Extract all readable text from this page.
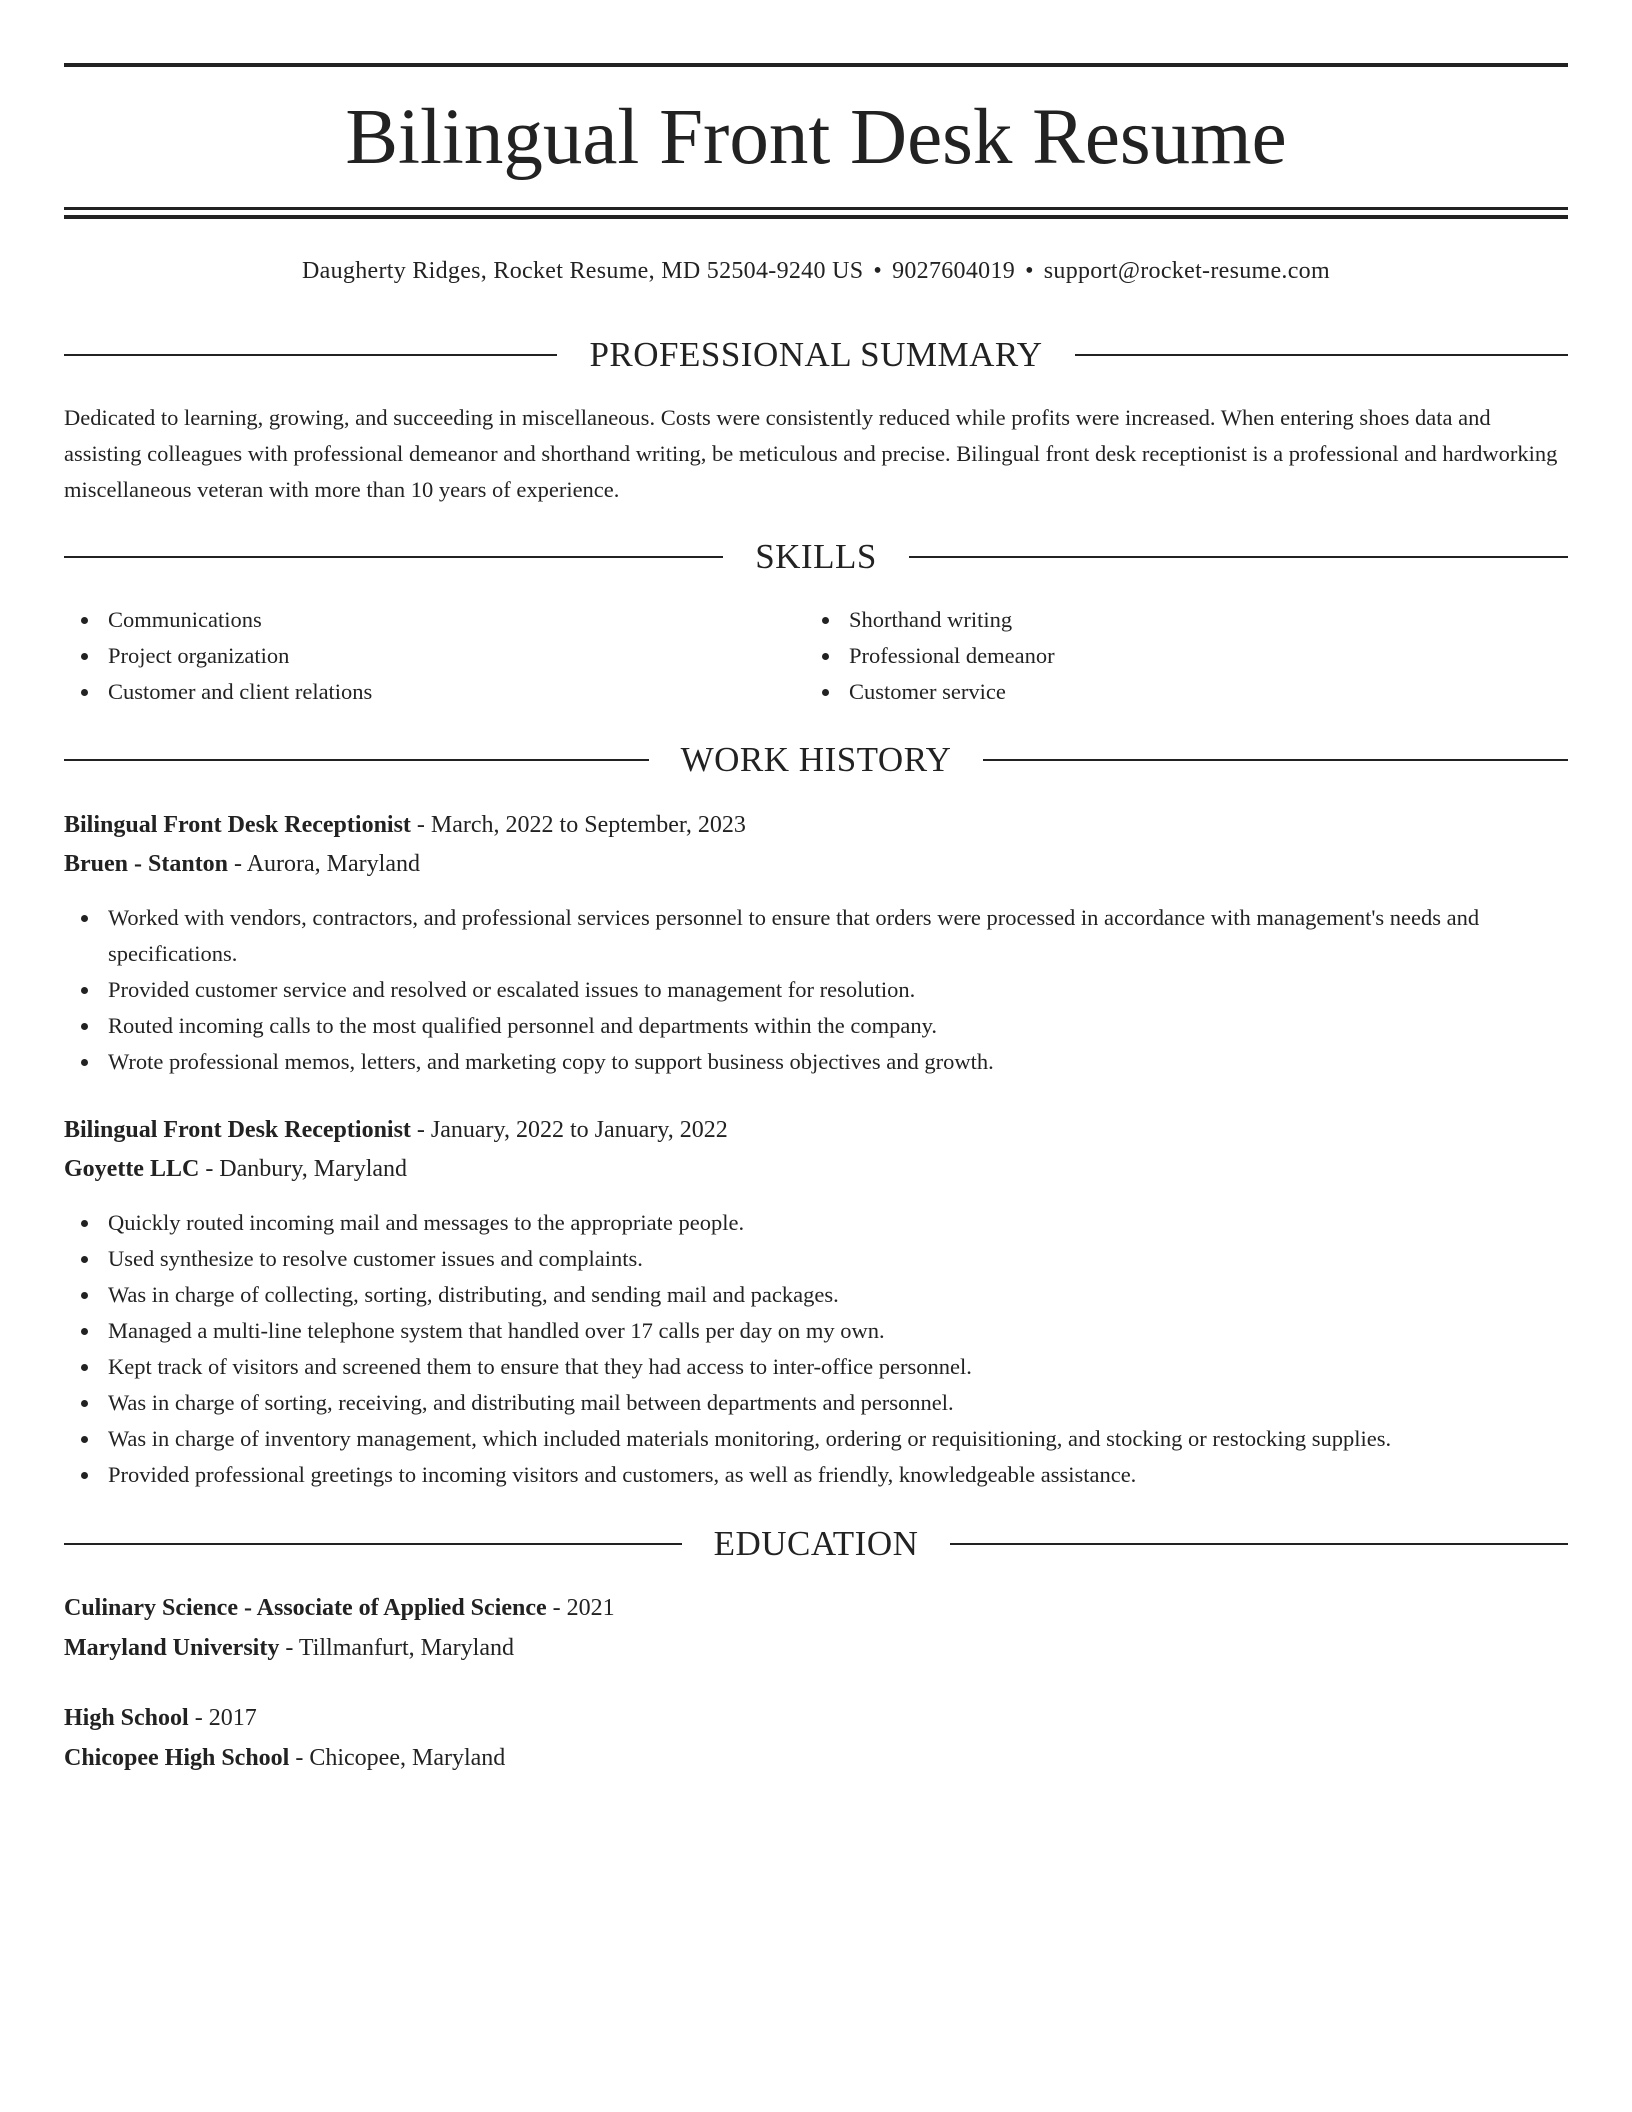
Bilingual Front Desk Resume
Daugherty Ridges, Rocket Resume, MD 52504-9240 US • 9027604019 • support@rocket-resume.com
PROFESSIONAL SUMMARY

Dedicated to learning, growing, and succeeding in miscellaneous. Costs were consistently reduced while profits were increased. When entering shoes data and assisting colleagues with professional demeanor and shorthand writing, be meticulous and precise. Bilingual front desk receptionist is a professional and hardworking miscellaneous veteran with more than 10 years of experience.

SKILLS
Communications
Project organization
Customer and client relations
Shorthand writing
Professional demeanor
Customer service
WORK HISTORY
Bilingual Front Desk Receptionist - March, 2022 to September, 2023
Bruen - Stanton - Aurora, Maryland
Worked with vendors, contractors, and professional services personnel to ensure that orders were processed in accordance with management's needs and specifications.
Provided customer service and resolved or escalated issues to management for resolution.
Routed incoming calls to the most qualified personnel and departments within the company.
Wrote professional memos, letters, and marketing copy to support business objectives and growth.
Bilingual Front Desk Receptionist - January, 2022 to January, 2022
Goyette LLC - Danbury, Maryland
Quickly routed incoming mail and messages to the appropriate people.
Used synthesize to resolve customer issues and complaints.
Was in charge of collecting, sorting, distributing, and sending mail and packages.
Managed a multi-line telephone system that handled over 17 calls per day on my own.
Kept track of visitors and screened them to ensure that they had access to inter-office personnel.
Was in charge of sorting, receiving, and distributing mail between departments and personnel.
Was in charge of inventory management, which included materials monitoring, ordering or requisitioning, and stocking or restocking supplies.
Provided professional greetings to incoming visitors and customers, as well as friendly, knowledgeable assistance.
EDUCATION
Culinary Science - Associate of Applied Science - 2021
Maryland University - Tillmanfurt, Maryland
High School - 2017
Chicopee High School - Chicopee, Maryland
